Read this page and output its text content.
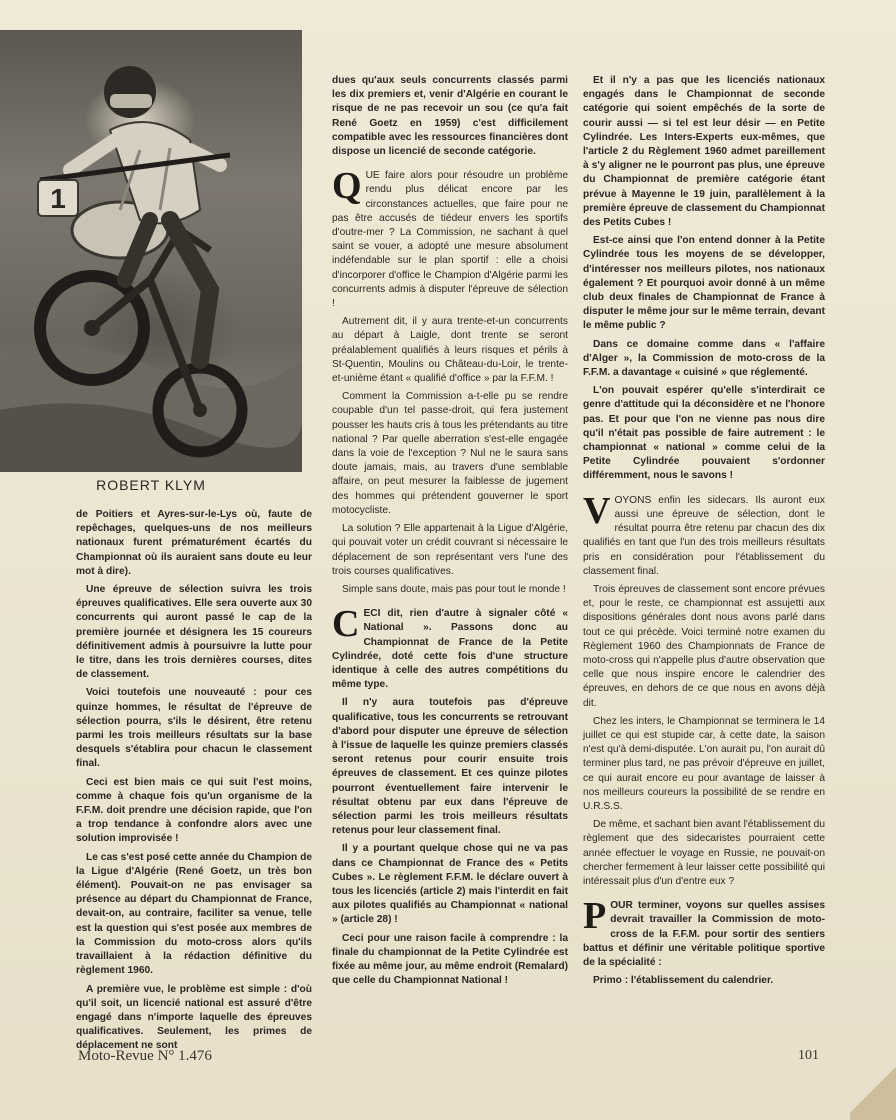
1
ROBERT KLYM

de Poitiers et Ayres-sur-le-Lys où, faute de repêchages, quelques-uns de nos meilleurs nationaux furent prématurément écartés du Championnat où ils auraient sans doute eu leur mot à dire).

Une épreuve de sélection suivra les trois épreuves qualificatives. Elle sera ouverte aux 30 concurrents qui auront passé le cap de la première journée et désignera les 15 coureurs définitivement admis à poursuivre la lutte pour le titre, dans les trois dernières courses, dites de classement.

Voici toutefois une nouveauté : pour ces quinze hommes, le résultat de l'épreuve de sélection pourra, s'ils le désirent, être retenu parmi les trois meilleurs résultats sur la base desquels s'établira pour chacun le classement final.

Ceci est bien mais ce qui suit l'est moins, comme à chaque fois qu'un organisme de la F.F.M. doit prendre une décision rapide, que l'on a trop tendance à confondre alors avec une solution improvisée !

Le cas s'est posé cette année du Champion de la Ligue d'Algérie (René Goetz, un très bon élément). Pouvait-on ne pas envisager sa présence au départ du Championnat de France, devait-on, au contraire, faciliter sa venue, telle est la question qui s'est posée aux membres de la Commission du moto-cross alors qu'ils travaillaient à la rédaction définitive du règlement 1960.

A première vue, le problème est simple : d'où qu'il soit, un licencié national est assuré d'être engagé dans n'importe laquelle des épreuves qualificatives. Seulement, les primes de déplacement ne sont

dues qu'aux seuls concurrents classés parmi les dix premiers et, venir d'Algérie en courant le risque de ne pas recevoir un sou (ce qu'a fait René Goetz en 1959) c'est difficilement compatible avec les ressources financières dont dispose un licencié de seconde catégorie.

QUE faire alors pour résoudre un problème rendu plus délicat encore par les circonstances actuelles, que faire pour ne pas être accusés de tiédeur envers les sportifs d'outre-mer ? La Commission, ne sachant à quel saint se vouer, a adopté une mesure absolument indéfendable sur le plan sportif : elle a choisi d'incorporer d'office le Champion d'Algérie parmi les concurrents admis à disputer l'épreuve de sélection !

Autrement dit, il y aura trente-et-un concurrents au départ à Laigle, dont trente se seront préalablement qualifiés à leurs risques et périls à St-Quentin, Moulins ou Château-du-Loir, le trente-et-unième étant « qualifié d'office » par la F.F.M. !

Comment la Commission a-t-elle pu se rendre coupable d'un tel passe-droit, qui fera justement pousser les hauts cris à tous les prétendants au titre national ? Par quelle aberration s'est-elle engagée dans la voie de l'exception ? Nul ne le saura sans doute jamais, mais, au travers d'une semblable affaire, on peut mesurer la faiblesse de jugement des hommes qui prétendent gouverner le sport motocycliste.

La solution ? Elle appartenait à la Ligue d'Algérie, qui pouvait voter un crédit couvrant si nécessaire le déplacement de son représentant vers l'une des trois courses qualificatives.

Simple sans doute, mais pas pour tout le monde !

CECI dit, rien d'autre à signaler côté « National ». Passons donc au Championnat de France de la Petite Cylindrée, doté cette fois d'une structure identique à celle des autres compétitions du même type.

Il n'y aura toutefois pas d'épreuve qualificative, tous les concurrents se retrouvant d'abord pour disputer une épreuve de sélection à l'issue de laquelle les quinze premiers classés seront retenus pour courir ensuite trois épreuves de classement. Et ces quinze pilotes pourront éventuellement faire intervenir le résultat obtenu par eux dans l'épreuve de sélection parmi les trois meilleurs résultats retenus pour leur classement final.

Il y a pourtant quelque chose qui ne va pas dans ce Championnat de France des « Petits Cubes ». Le règlement F.F.M. le déclare ouvert à tous les licenciés (article 2) mais l'interdit en fait aux pilotes qualifiés au Championnat « national » (article 28) !

Ceci pour une raison facile à comprendre : la finale du championnat de la Petite Cylindrée est fixée au même jour, au même endroit (Remalard) que celle du Championnat National !

Et il n'y a pas que les licenciés nationaux engagés dans le Championnat de seconde catégorie qui soient empêchés de la sorte de courir aussi — si tel est leur désir — en Petite Cylindrée. Les Inters-Experts eux-mêmes, que l'article 2 du Règlement 1960 admet pareillement à s'y aligner ne le pourront pas plus, une épreuve du Championnat de première catégorie étant prévue à Mayenne le 19 juin, parallèlement à la première épreuve de classement du Championnat des Petits Cubes !

Est-ce ainsi que l'on entend donner à la Petite Cylindrée tous les moyens de se développer, d'intéresser nos meilleurs pilotes, nos nationaux également ? Et pourquoi avoir donné à un même club deux finales de Championnat de France à disputer le même jour sur le même terrain, devant le même public ?

Dans ce domaine comme dans « l'affaire d'Alger », la Commission de moto-cross de la F.F.M. a davantage « cuisiné » que réglementé.

L'on pouvait espérer qu'elle s'interdirait ce genre d'attitude qui la déconsidère et ne l'honore pas. Et pour que l'on ne vienne pas nous dire qu'il n'était pas possible de faire autrement : le championnat « national » comme celui de la Petite Cylindrée pouvaient s'ordonner différemment, nous le savons !

VOYONS enfin les sidecars. Ils auront eux aussi une épreuve de sélection, dont le résultat pourra être retenu par chacun des dix qualifiés en tant que l'un des trois meilleurs résultats pris en considération pour l'établissement du classement final.

Trois épreuves de classement sont encore prévues et, pour le reste, ce championnat est assujetti aux dispositions générales dont nous avons parlé dans tout ce qui précède. Voici terminé notre examen du Règlement 1960 des Championnats de France de moto-cross qui n'appelle plus d'autre observation que celle que nous inspire encore le calendrier des épreuves, en dehors de ce que nous en avons déjà dit.

Chez les inters, le Championnat se terminera le 14 juillet ce qui est stupide car, à cette date, la saison n'est qu'à demi-disputée. L'on aurait pu, l'on aurait dû terminer plus tard, ne pas prévoir d'épreuve en juillet, ce qui aurait encore eu pour avantage de laisser à nos meilleurs coureurs la possibilité de se rendre en U.R.S.S.

De même, et sachant bien avant l'établissement du règlement que des sidecaristes pourraient cette année effectuer le voyage en Russie, ne pouvait-on chercher fermement à leur laisser cette possibilité qui intéressait plus d'un d'entre eux ?

POUR terminer, voyons sur quelles assises devrait travailler la Commission de moto-cross de la F.F.M. pour sortir des sentiers battus et définir une véritable politique sportive de la spécialité :

Primo : l'établissement du calendrier.

Moto-Revue N° 1.476	101
